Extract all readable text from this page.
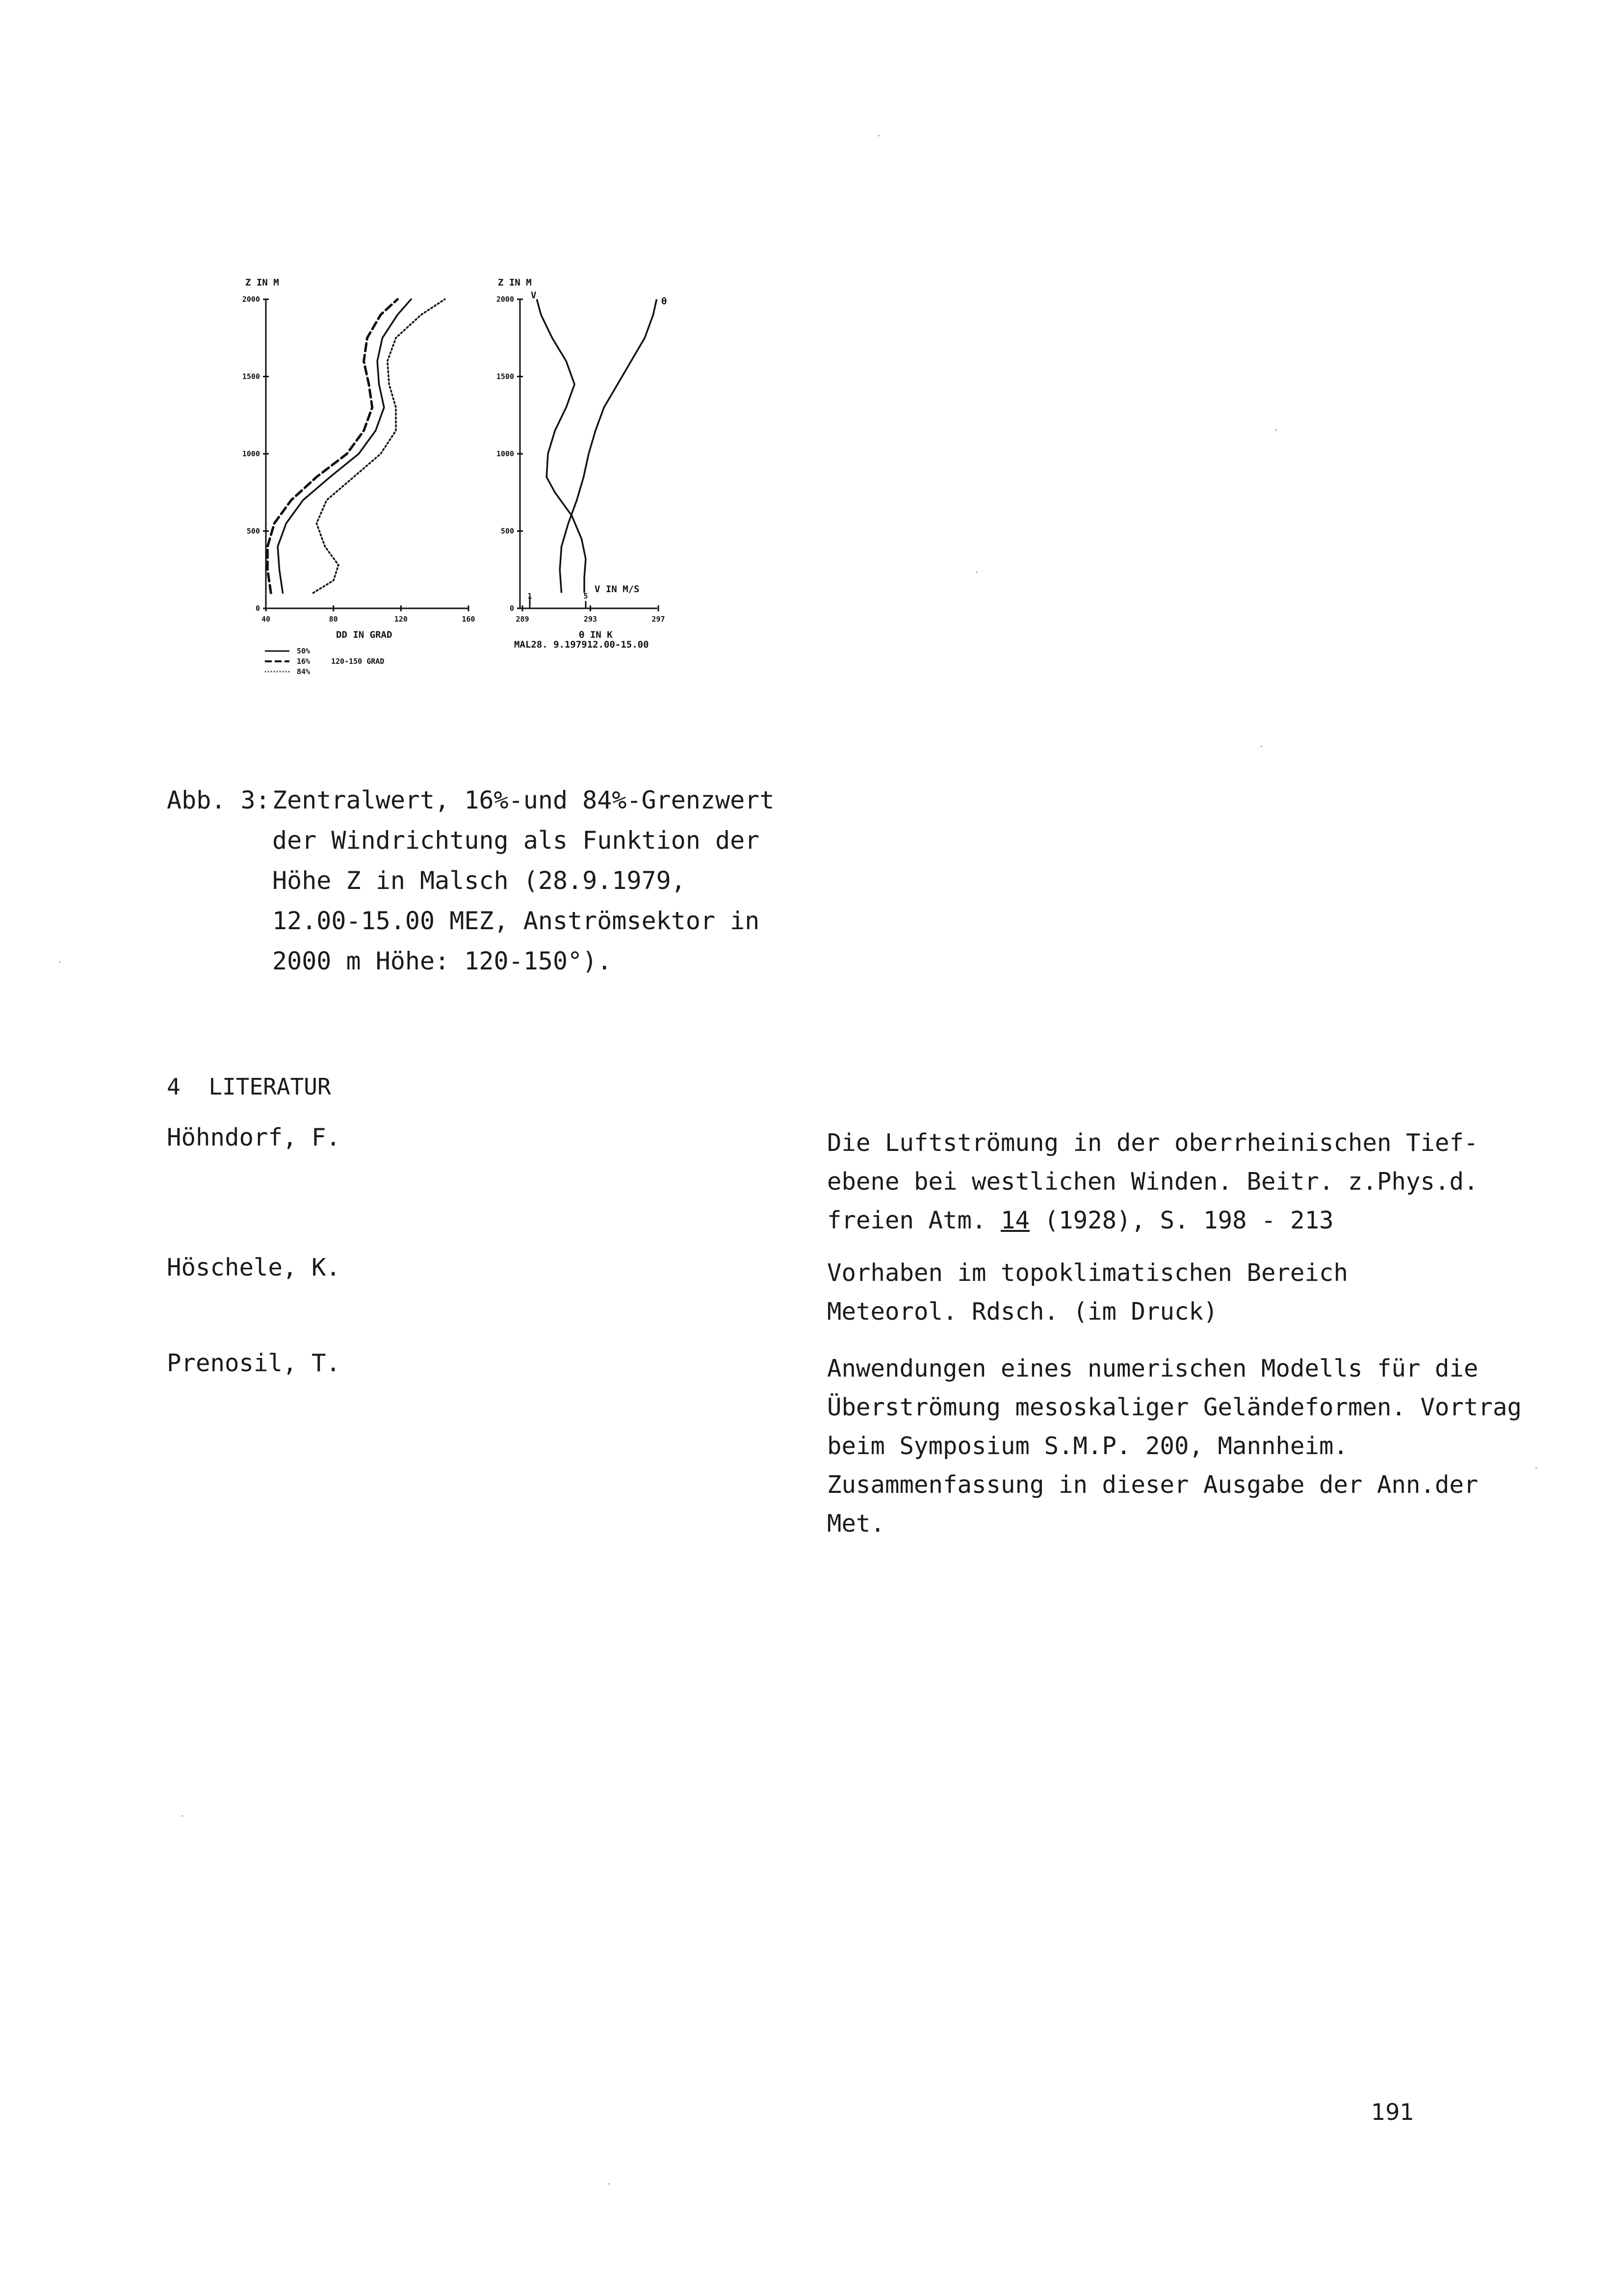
Z IN M
0
500
1000
1500
2000
40	80	120	160
DD IN GRAD
50%
16%	120-150 GRAD
84%
Z IN M
0
500
1000
1500
2000
289	293	297
1	5
θ IN K
V IN M/S
MAL28. 9.197912.00-15.00
V
θ
Abb. 3: Zentralwert, 16%-und 84%-Grenzwert
der Windrichtung als Funktion der
Höhe Z in Malsch (28.9.1979,
12.00-15.00 MEZ, Anströmsektor in
2000 m Höhe: 120-150°).
4 LITERATUR
Höhndorf, F.	Die Luftströmung in der oberrheinischen Tief-
ebene bei westlichen Winden. Beitr. z.Phys.d.
freien Atm. 14 (1928), S. 198 - 213
Höschele, K.	Vorhaben im topoklimatischen Bereich
Meteorol. Rdsch. (im Druck)
Prenosil, T.	Anwendungen eines numerischen Modells für die
Überströmung mesoskaliger Geländeformen. Vortrag
beim Symposium S.M.P. 200, Mannheim.
Zusammenfassung in dieser Ausgabe der Ann.der
Met.
191
